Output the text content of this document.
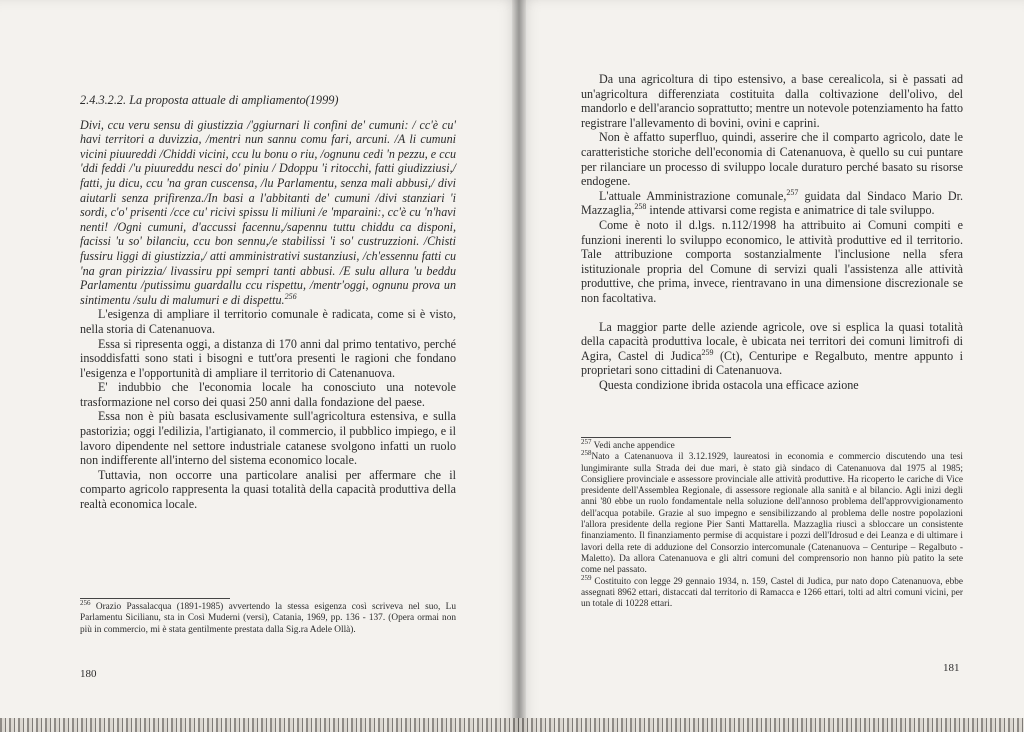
2.4.3.2.2. La proposta attuale di ampliamento(1999)
Divi, ccu veru sensu di giustizzia /'ggiurnari li confini de' cumuni: / cc'è cu' havi territori a duvizzia, /mentri nun sannu comu fari, arcuni. /A li cumuni vicini piuureddi /Chiddi vicini, ccu lu bonu o riu, /ognunu cedi 'n pezzu, e ccu 'ddi feddi /'u piuureddu nesci do' piniu / Ddoppu 'i ritocchi, fatti giudizziusi,/ fatti, ju dicu, ccu 'na gran cuscensa, /lu Parlamentu, senza mali abbusi,/ divi aiutarli senza prifirenza./In basi a l'abbitanti de' cumuni /divi stanziari 'i sordi, c'o' prisenti /cce cu' ricivi spissu li miliuni /e 'mparaini:, cc'è cu 'n'havi nenti! /Ogni cumuni, d'accussi facennu,/sapennu tuttu chiddu ca disponi, facissi 'u so' bilanciu, ccu bon sennu,/e stabilissi 'i so' custruzzioni. /Chisti fussiru liggi di giustizzia,/ atti amministrativi sustanziusi, /ch'essennu fatti cu 'na gran pirizzia/ livassiru ppi sempri tanti abbusi. /E sulu allura 'u beddu Parlamentu /putissimu guardallu ccu rispettu, /mentr'oggi, ognunu prova un sintimentu /sulu di malumuri e di dispettu.$^{256}$

L'esigenza di ampliare il territorio comunale è radicata, come si è visto, nella storia di Catenanuova.

Essa si ripresenta oggi, a distanza di 170 anni dal primo tentativo, perché insoddisfatti sono stati i bisogni e tutt'ora presenti le ragioni che fondano l'esigenza e l'opportunità di ampliare il territorio di Catenanuova.

E' indubbio che l'economia locale ha conosciuto una notevole trasformazione nel corso dei quasi 250 anni dalla fondazione del paese.

Essa non è più basata esclusivamente sull'agricoltura estensiva, e sulla pastorizia; oggi l'edilizia, l'artigianato, il commercio, il pubblico impiego, e il lavoro dipendente nel settore industriale catanese svolgono infatti un ruolo non indifferente all'interno del sistema economico locale.

Tuttavia, non occorre una particolare analisi per affermare che il comparto agricolo rappresenta la quasi totalità della capacità produttiva della realtà economica locale.

$^{256}$ Orazio Passalacqua (1891-1985) avvertendo la stessa esigenza così scriveva nel suo, Lu Parlamentu Sicilianu, sta in Così Muderni (versi), Catania, 1969, pp. 136 - 137. (Opera ormai non più in commercio, mi è stata gentilmente prestata dalla Sig.ra Adele Ollà).

180

Da una agricoltura di tipo estensivo, a base cerealicola, si è passati ad un'agricoltura differenziata costituita dalla coltivazione dell'olivo, del mandorlo e dell'arancio soprattutto; mentre un notevole potenziamento ha fatto registrare l'allevamento di bovini, ovini e caprini.

Non è affatto superfluo, quindi, asserire che il comparto agricolo, date le caratteristiche storiche dell'economia di Catenanuova, è quello su cui puntare per rilanciare un processo di sviluppo locale duraturo perché basato su risorse endogene.

L'attuale Amministrazione comunale,$^{257}$ guidata dal Sindaco Mario Dr. Mazzaglia,$^{258}$ intende attivarsi come regista e animatrice di tale sviluppo.

Come è noto il d.lgs. n.112/1998 ha attribuito ai Comuni compiti e funzioni inerenti lo sviluppo economico, le attività produttive ed il territorio. Tale attribuzione comporta sostanzialmente l'inclusione nella sfera istituzionale propria del Comune di servizi quali l'assistenza alle attività produttive, che prima, invece, rientravano in una dimensione discrezionale se non facoltativa.

La maggior parte delle aziende agricole, ove si esplica la quasi totalità della capacità produttiva locale, è ubicata nei territori dei comuni limitrofi di Agira, Castel di Judica$^{259}$ (Ct), Centuripe e Regalbuto, mentre appunto i proprietari sono cittadini di Catenanuova.

Questa condizione ibrida ostacola una efficace azione

$^{257}$ Vedi anche appendice

$^{258}$Nato a Catenanuova il 3.12.1929, laureatosi in economia e commercio discutendo una tesi lungimirante sulla Strada dei due mari, è stato già sindaco di Catenanuova dal 1975 al 1985; Consigliere provinciale e assessore provinciale alle attività produttive. Ha ricoperto le cariche di Vice presidente dell'Assemblea Regionale, di assessore regionale alla sanità e al bilancio. Agli inizi degli anni '80 ebbe un ruolo fondamentale nella soluzione dell'annoso problema dell'approvvigionamento dell'acqua potabile. Grazie al suo impegno e sensibilizzando al problema delle nostre popolazioni l'allora presidente della regione Pier Santi Mattarella. Mazzaglia riuscì a sbloccare un consistente finanziamento. Il finanziamento permise di acquistare i pozzi dell'Idrosud e dei Leanza e di ultimare i lavori della rete di adduzione del Consorzio intercomunale (Catenanuova – Centuripe – Regalbuto - Maletto). Da allora Catenanuova e gli altri comuni del comprensorio non hanno più patito la sete come nel passato.

$^{259}$ Costituito con legge 29 gennaio 1934, n. 159, Castel di Judica, pur nato dopo Catenanuova, ebbe assegnati 8962 ettari, distaccati dal territorio di Ramacca e 1266 ettari, tolti ad altri comuni vicini, per un totale di 10228 ettari.

181
